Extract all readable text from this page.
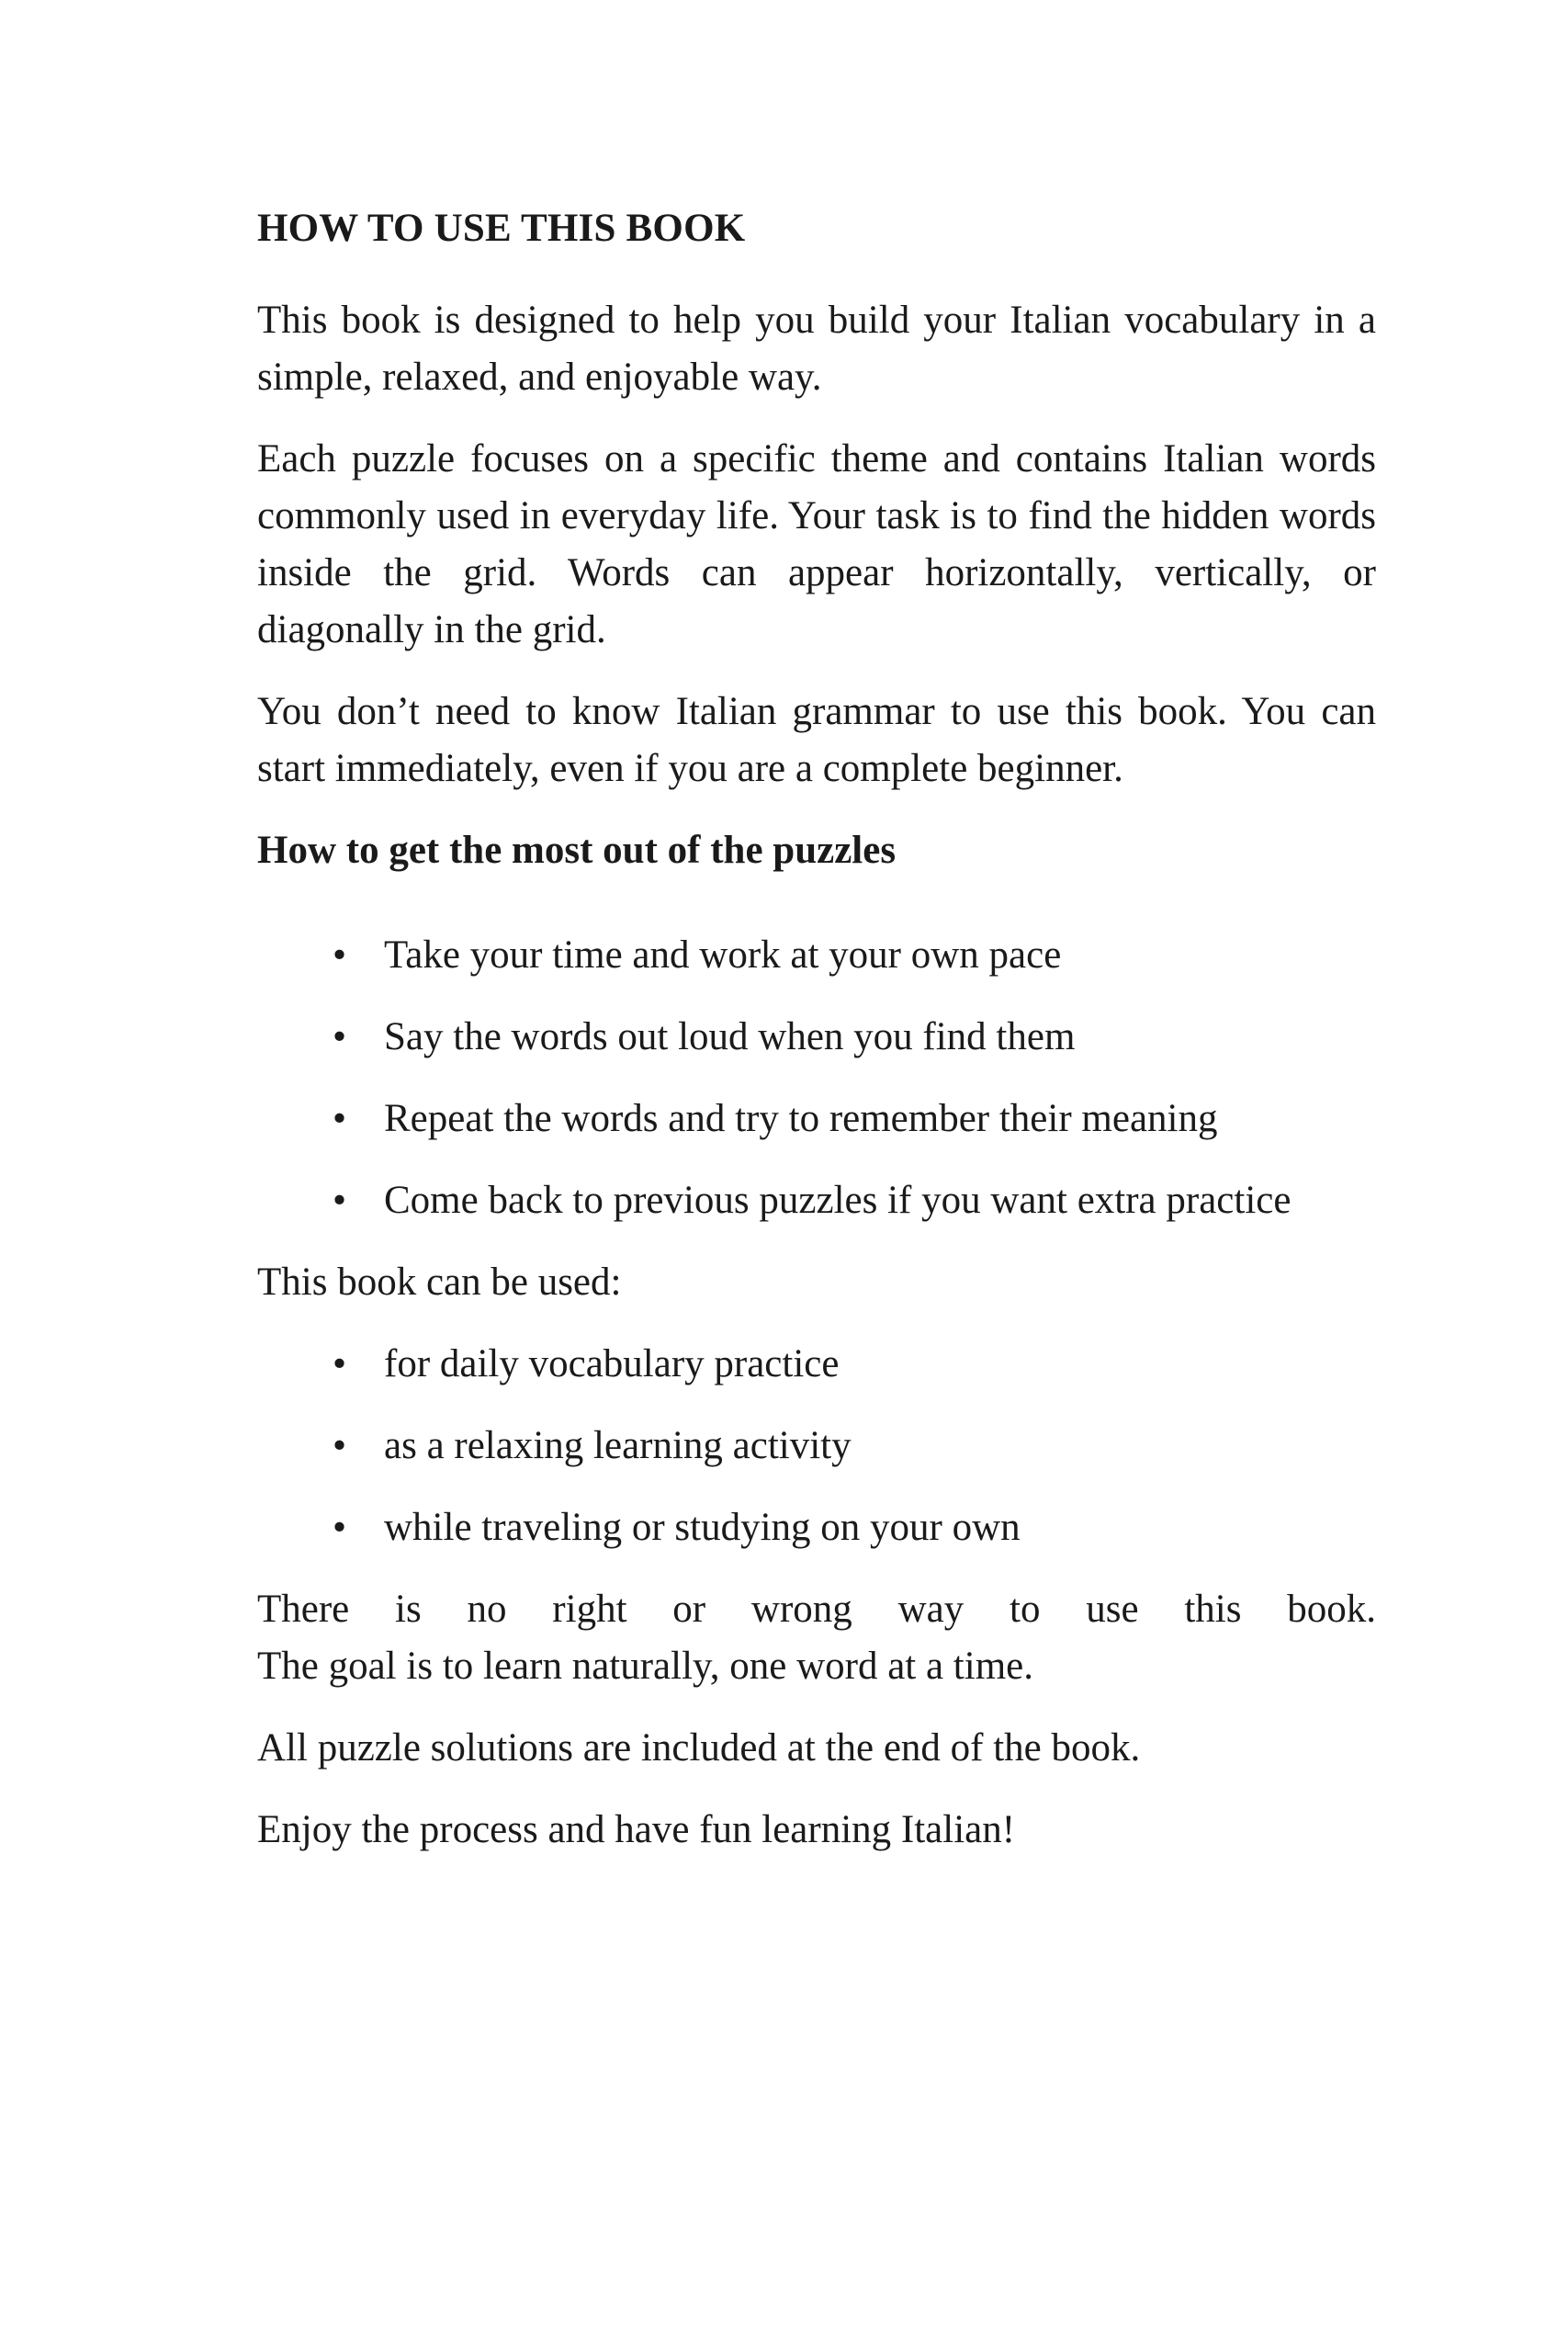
HOW TO USE THIS BOOK

This book is designed to help you build your Italian vocabulary in a simple, relaxed, and enjoyable way.

Each puzzle focuses on a specific theme and contains Italian words commonly used in everyday life. Your task is to find the hidden words inside the grid. Words can appear horizontally, vertically, or diagonally in the grid.

You don’t need to know Italian grammar to use this book. You can start immediately, even if you are a complete beginner.

How to get the most out of the puzzles
• Take your time and work at your own pace
• Say the words out loud when you find them
• Repeat the words and try to remember their meaning
• Come back to previous puzzles if you want extra practice

This book can be used:

• for daily vocabulary practice
• as a relaxing learning activity
• while traveling or studying on your own

There is no right or wrong way to use this book.
The goal is to learn naturally, one word at a time.

All puzzle solutions are included at the end of the book.

Enjoy the process and have fun learning Italian!
